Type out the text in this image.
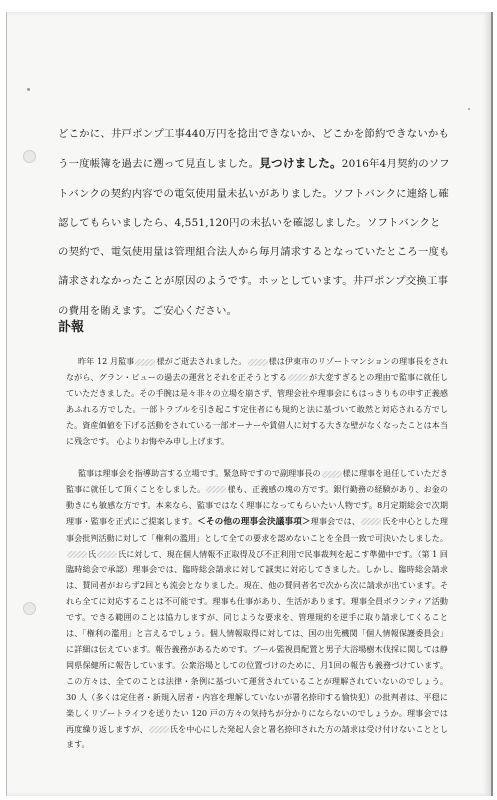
どこかに、井戸ポンプ工事440万円を捻出できないか、どこかを節約できないかもう一度帳簿を過去に遡って見直しました。見つけました。2016年4月契約のソフトバンクの契約内容での電気使用量未払いがありました。ソフトバンクに連絡し確認してもらいましたら、4,551,120円の未払いを確認しました。ソフトバンクとの契約で、電気使用量は管理組合法人から毎月請求するとなっていたところ一度も請求されなかったことが原因のようです。ホッとしています。井戸ポンプ交換工事の費用を賄えます。ご安心ください。
訃報
昨年 12 月監事	様がご逝去されました。	様は伊東市のリゾートマンションの理事長をされながら、グラン・ビューの過去の運営とそれを正そうとする	が大変すぎるとの理由で監事に就任していただきました。その手腕は是々非々の立場を崩さず、管理会社や理事会にもはっきりもの申す正義感あふれる方でした。一部トラブルを引き起こす定住者にも規約と法に基づいて敢然と対応される方でした。資産価値を下げる活動をされている一部オーナーや賃借人に対する大きな壁がなくなったことは本当に残念です。 心よりお悔やみ申し上げます。
監事は理事会を指導助言する立場です。緊急時ですので副理事長の	様に理事を退任していただき監事に就任して頂くことをしました。	様も、正義感の塊の方です。銀行勤務の経験があり、お金の動きにも敏感な方です。本来なら、監事ではなく理事になってもらいたい人物です。8月定期総会で次期理事・監事を正式にご提案します。＜その他の理事会決議事項＞理事会では、	氏を中心とした理事会批判活動に対して「権利の濫用」として全ての要求を認めないことを全員一致で可決いたしました。氏	氏に対して、現在個人情報不正取得及び不正利用で民事裁判を起こす準備中です。（第 1 回臨時総会で承認）理事会では、臨時総会請求に対して誠実に対応してきました。しかし、臨時総会請求は、賛同者がおらず2回とも流会となりました。現在、他の賛同者名で次から次に請求が出ています。それら全てに対応することは不可能です。理事も仕事があり、生活があります。理事全員ボランティア活動です。できる範囲のことは協力しますが、同じような要求を、管理規約を逆手に取り請求してくることは、「権利の濫用」と言えるでしょう。個人情報取得に対しては、国の出先機関「個人情報保護委員会」に詳細は伝えています。報告義務があるためです。プール監視員配置と男子大浴場樹木伐採に関しては静岡県保健所に報告しています。公衆浴場としての位置づけのために、月1回の報告も義務づけています。この方々は、全てのことは法律・条例に基づいて運営されていることが理解されていないのでしょう。30 人（多くは定住者・新規入居者・内容を理解していないが署名捺印する愉快犯）の批判者は、平穏に楽しくリゾートライフを送りたい 120 戸の方々の気持ちが分かりにならないのでしょうか。理事会では再度繰り返しますが、	氏を中心にした発起人会と署名捺印された方の請求は受け付けないこととします。
